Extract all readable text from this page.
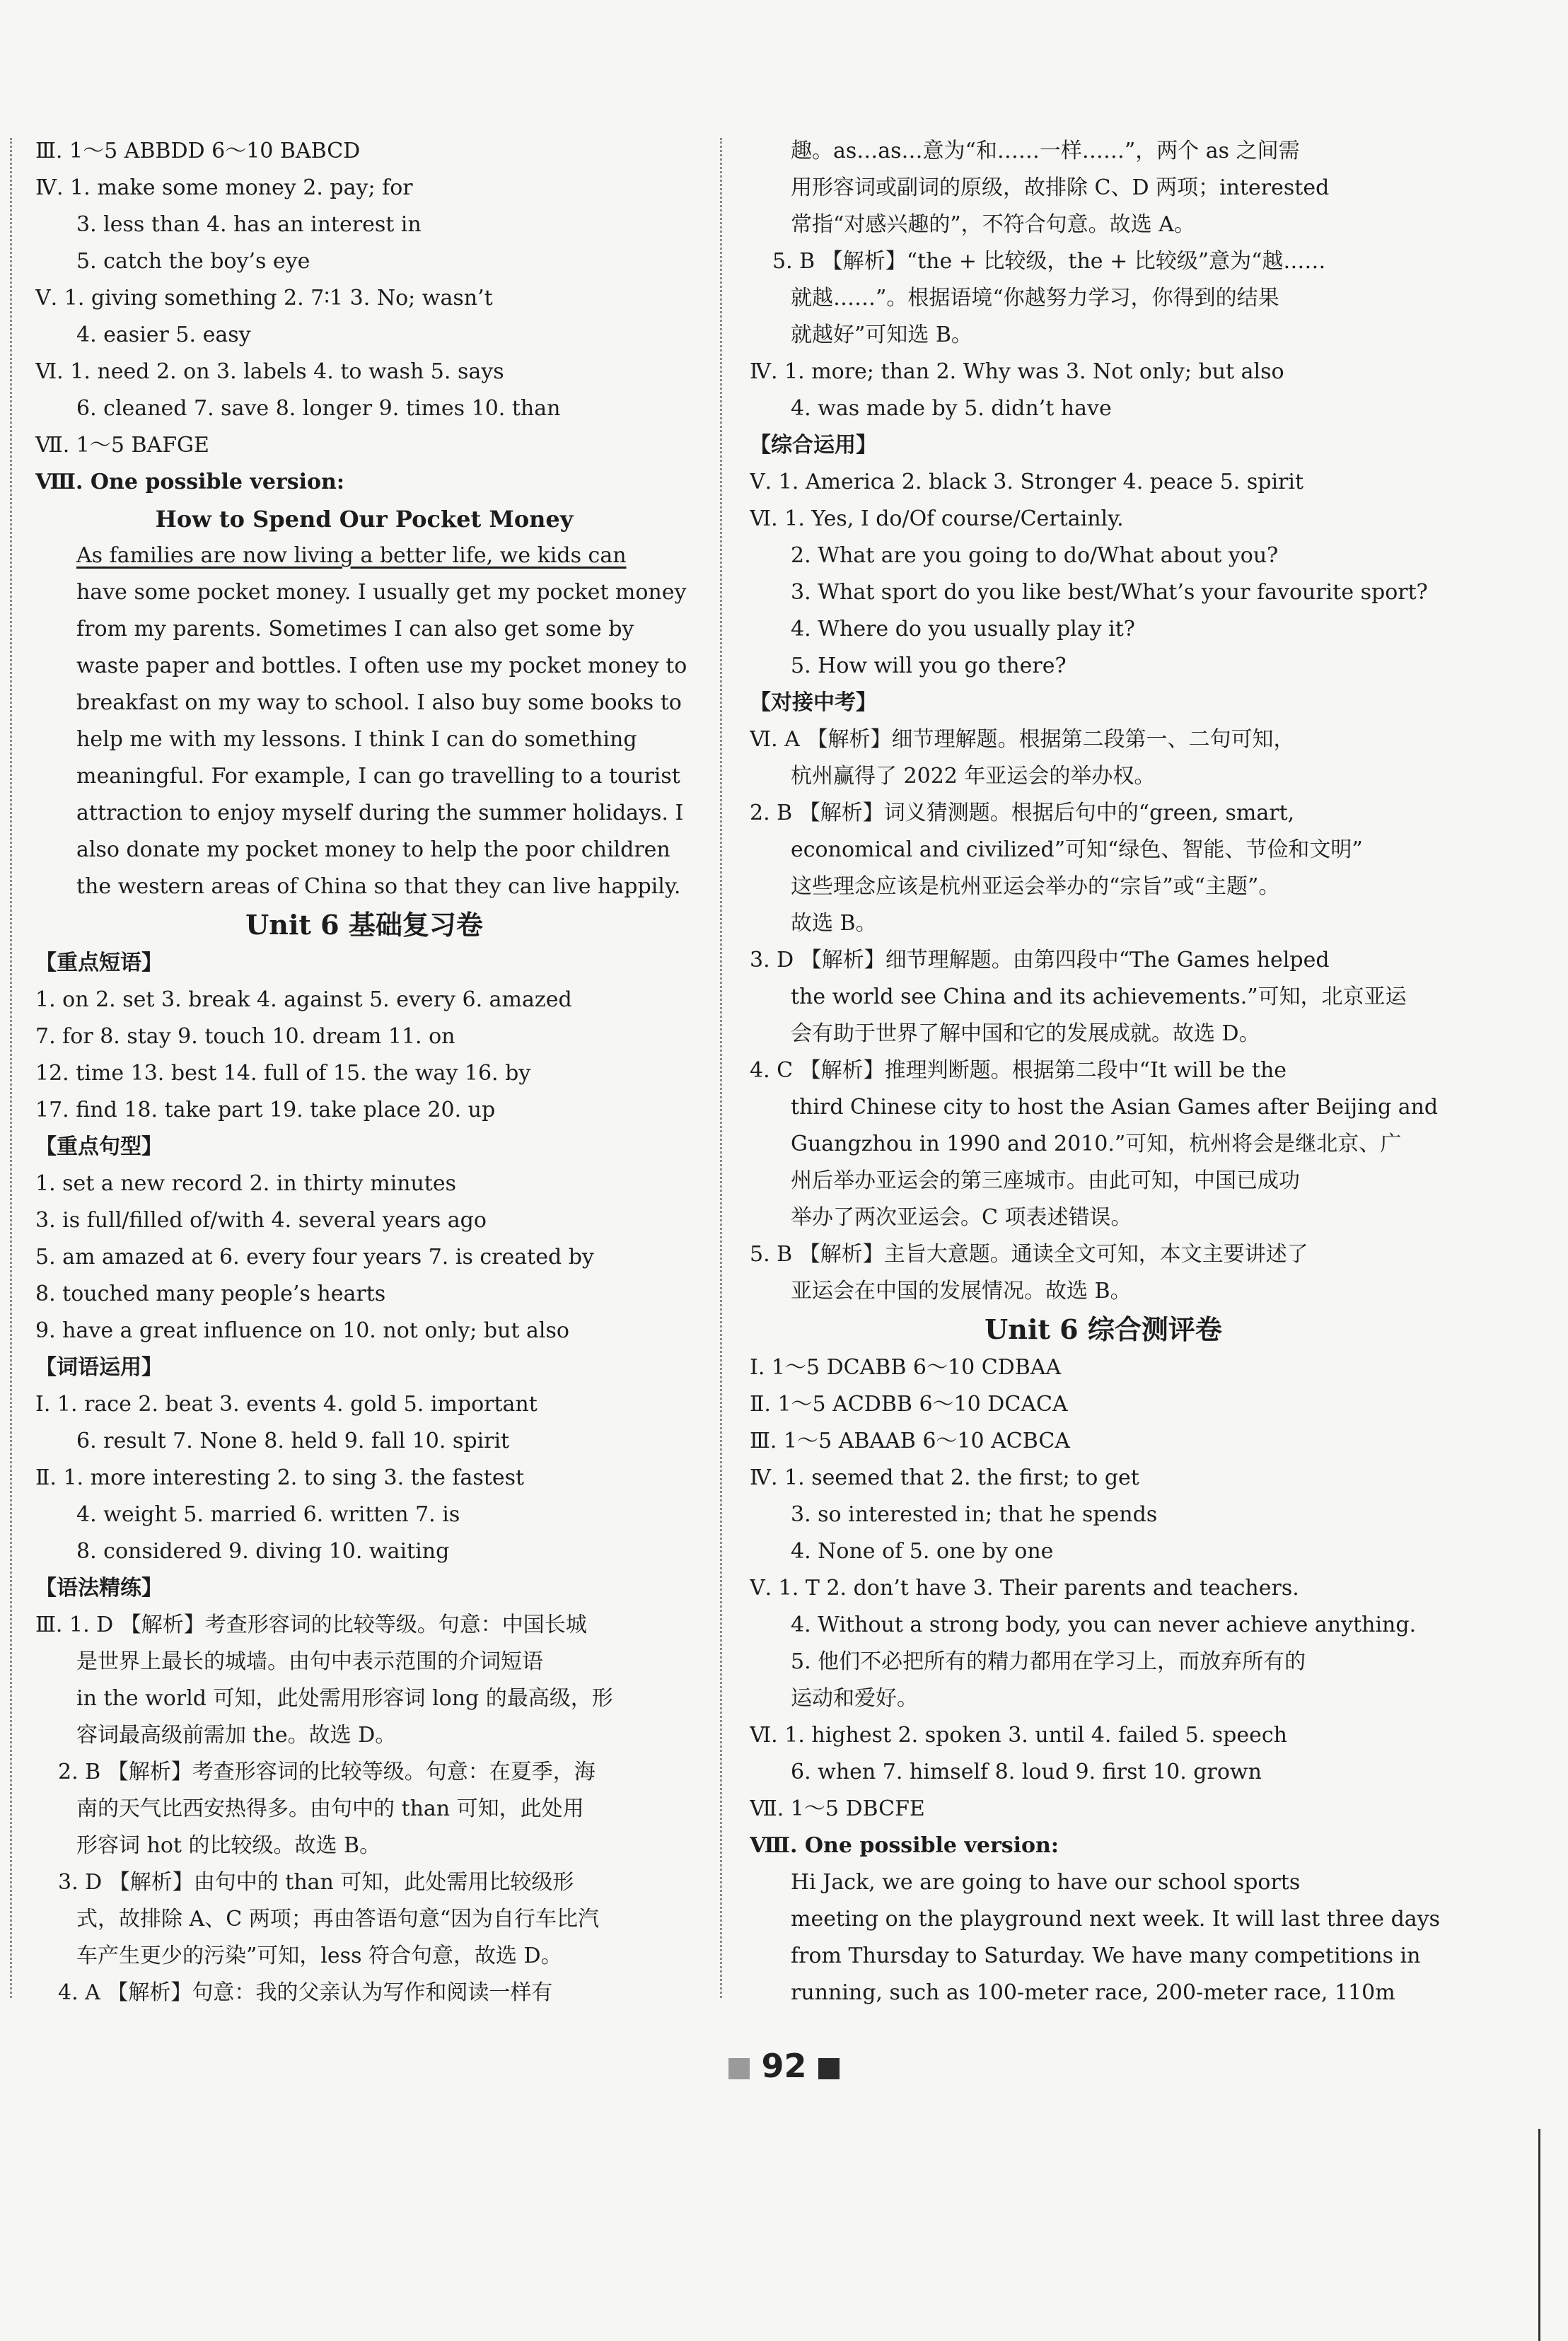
Ⅲ. 1～5 ABBDD 6～10 BABCD
Ⅳ. 1. make some money 2. pay; for
3. less than 4. has an interest in
5. catch the boy’s eye
Ⅴ. 1. giving something 2. 7∶1 3. No; wasn’t
4. easier 5. easy
Ⅵ. 1. need 2. on 3. labels 4. to wash 5. says
6. cleaned 7. save 8. longer 9. times 10. than
Ⅶ. 1～5 BAFGE
Ⅷ. One possible version:
How to Spend Our Pocket Money
As families are now living a better life, we kids can
have some pocket money. I usually get my pocket money
from my parents. Sometimes I can also get some by
waste paper and bottles. I often use my pocket money to
breakfast on my way to school. I also buy some books to
help me with my lessons. I think I can do something
meaningful. For example, I can go travelling to a tourist
attraction to enjoy myself during the summer holidays. I
also donate my pocket money to help the poor children
the western areas of China so that they can live happily.
Unit 6 基础复习卷
【重点短语】
1. on 2. set 3. break 4. against 5. every 6. amazed
7. for 8. stay 9. touch 10. dream 11. on
12. time 13. best 14. full of 15. the way 16. by
17. find 18. take part 19. take place 20. up
【重点句型】
1. set a new record 2. in thirty minutes
3. is full/filled of/with 4. several years ago
5. am amazed at 6. every four years 7. is created by
8. touched many people’s hearts
9. have a great influence on 10. not only; but also
【词语运用】
Ⅰ. 1. race 2. beat 3. events 4. gold 5. important
6. result 7. None 8. held 9. fall 10. spirit
Ⅱ. 1. more interesting 2. to sing 3. the fastest
4. weight 5. married 6. written 7. is
8. considered 9. diving 10. waiting
【语法精练】
Ⅲ. 1. D 【解析】考查形容词的比较等级。句意：中国长城
是世界上最长的城墙。由句中表示范围的介词短语
in the world 可知，此处需用形容词 long 的最高级，形
容词最高级前需加 the。故选 D。
2. B 【解析】考查形容词的比较等级。句意：在夏季，海
南的天气比西安热得多。由句中的 than 可知，此处用
形容词 hot 的比较级。故选 B。
3. D 【解析】由句中的 than 可知，此处需用比较级形
式，故排除 A、C 两项；再由答语句意“因为自行车比汽
车产生更少的污染”可知，less 符合句意，故选 D。
4. A 【解析】句意：我的父亲认为写作和阅读一样有
趣。as…as…意为“和……一样……”，两个 as 之间需
用形容词或副词的原级，故排除 C、D 两项；interested
常指“对感兴趣的”，不符合句意。故选 A。
5. B 【解析】“the + 比较级，the + 比较级”意为“越……
就越……”。根据语境“你越努力学习，你得到的结果
就越好”可知选 B。
Ⅳ. 1. more; than 2. Why was 3. Not only; but also
4. was made by 5. didn’t have
【综合运用】
Ⅴ. 1. America 2. black 3. Stronger 4. peace 5. spirit
Ⅵ. 1. Yes, I do/Of course/Certainly.
2. What are you going to do/What about you?
3. What sport do you like best/What’s your favourite sport?
4. Where do you usually play it?
5. How will you go there?
【对接中考】
Ⅵ. A 【解析】细节理解题。根据第二段第一、二句可知，
杭州赢得了 2022 年亚运会的举办权。
2. B 【解析】词义猜测题。根据后句中的“green, smart,
economical and civilized”可知“绿色、智能、节俭和文明”
这些理念应该是杭州亚运会举办的“宗旨”或“主题”。
故选 B。
3. D 【解析】细节理解题。由第四段中“The Games helped
the world see China and its achievements.”可知，北京亚运
会有助于世界了解中国和它的发展成就。故选 D。
4. C 【解析】推理判断题。根据第二段中“It will be the
third Chinese city to host the Asian Games after Beijing and
Guangzhou in 1990 and 2010.”可知，杭州将会是继北京、广
州后举办亚运会的第三座城市。由此可知，中国已成功
举办了两次亚运会。C 项表述错误。
5. B 【解析】主旨大意题。通读全文可知，本文主要讲述了
亚运会在中国的发展情况。故选 B。
Unit 6 综合测评卷
Ⅰ. 1～5 DCABB 6～10 CDBAA
Ⅱ. 1～5 ACDBB 6～10 DCACA
Ⅲ. 1～5 ABAAB 6～10 ACBCA
Ⅳ. 1. seemed that 2. the first; to get
3. so interested in; that he spends
4. None of 5. one by one
Ⅴ. 1. T 2. don’t have 3. Their parents and teachers.
4. Without a strong body, you can never achieve anything.
5. 他们不必把所有的精力都用在学习上，而放弃所有的
运动和爱好。
Ⅵ. 1. highest 2. spoken 3. until 4. failed 5. speech
6. when 7. himself 8. loud 9. first 10. grown
Ⅶ. 1～5 DBCFE
Ⅷ. One possible version:
Hi Jack, we are going to have our school sports
meeting on the playground next week. It will last three days
from Thursday to Saturday. We have many competitions in
running, such as 100-meter race, 200-meter race, 110m
92
